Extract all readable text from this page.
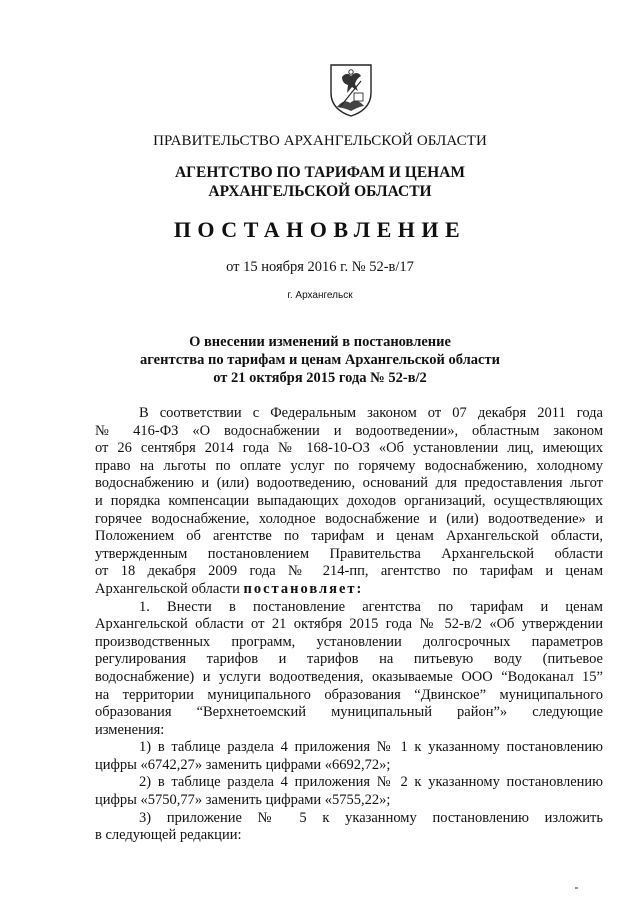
ПРАВИТЕЛЬСТВО АРХАНГЕЛЬСКОЙ ОБЛАСТИ
АГЕНТСТВО ПО ТАРИФАМ И ЦЕНАМ
АРХАНГЕЛЬСКОЙ ОБЛАСТИ
ПОСТАНОВЛЕНИЕ
от 15 ноября 2016 г. № 52-в/17
г. Архангельск
О внесении изменений в постановление
агентства по тарифам и ценам Архангельской области
от 21 октября 2015 года № 52-в/2

В соответствии с Федеральным законом от 07 декабря 2011 года

№ 416-ФЗ «О водоснабжении и водоотведении», областным законом

от 26 сентября 2014 года № 168-10-ОЗ «Об установлении лиц, имеющих

право на льготы по оплате услуг по горячему водоснабжению, холодному

водоснабжению и (или) водоотведению, оснований для предоставления льгот

и порядка компенсации выпадающих доходов организаций, осуществляющих

горячее водоснабжение, холодное водоснабжение и (или) водоотведение» и

Положением об агентстве по тарифам и ценам Архангельской области,

утвержденным постановлением Правительства Архангельской области

от 18 декабря 2009 года № 214-пп, агентство по тарифам и ценам

Архангельской области постановляет:

1. Внести в постановление агентства по тарифам и ценам

Архангельской области от 21 октября 2015 года № 52-в/2 «Об утверждении

производственных программ, установлении долгосрочных параметров

регулирования тарифов и тарифов на питьевую воду (питьевое

водоснабжение) и услуги водоотведения, оказываемые ООО “Водоканал 15”

на территории муниципального образования “Двинское” муниципального

образования “Верхнетоемский муниципальный район”» следующие

изменения:

1) в таблице раздела 4 приложения № 1 к указанному постановлению

цифры «6742,27» заменить цифрами «6692,72»;

2) в таблице раздела 4 приложения № 2 к указанному постановлению

цифры «5750,77» заменить цифрами «5755,22»;

3) приложение № 5 к указанному постановлению изложить

в следующей редакции:
